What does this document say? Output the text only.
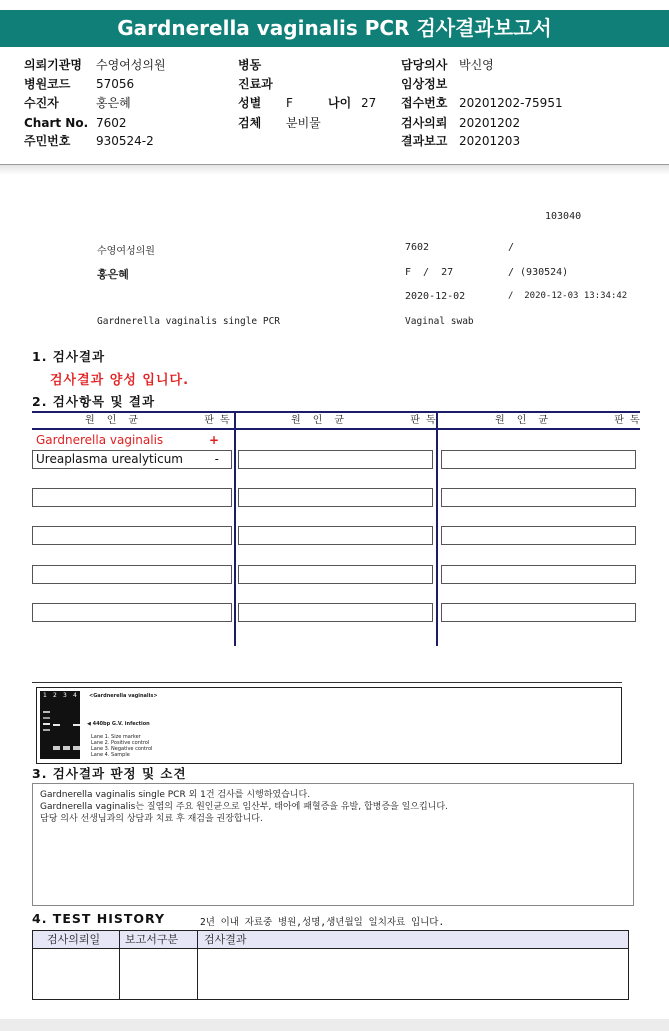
Gardnerella vaginalis PCR 검사결과보고서
의뢰기관명 수영여성의원	병동	담당의사 박신영
병원코드 57056	진료과	임상정보
수진자	홍은혜	성별 F	나이 27 접수번호 20201202-75951
Chart No. 7602	검체 분비물	검사의뢰 20201202
주민번호 930524-2	결과보고 20201203
103040
수영여성의원	7602	/
홍은혜	F  /  27	/ (930524)
2020-12-02	/  2020-12-03 13:34:42
Gardnerella vaginalis single PCR	Vaginal swab
1. 검사결과
검사결과 양성 입니다.
2. 검사항목 및 결과
원  인  균           판 독	원  인  균           판 독	원  인  균           판 독
Gardnerella vaginalis	+
Ureaplasma urealyticum	-
1 2 3 4 <Gardnerella vaginalis>
◀ 440bp G.V. infection
Lane 1. Size marker
Lane 2. Positive control
Lane 3. Negative control
Lane 4. Sample
3. 검사결과 판정 및 소견
Gardnerella vaginalis single PCR 외 1건 검사를 시행하였습니다.
Gardnerella vaginalis는 질염의 주요 원인균으로 임산부, 태아에 패혈증을 유발, 합병증을 일으킵니다.
담당 의사 선생님과의 상담과 치료 후 재검을 권장합니다.
4. TEST HISTORY	2년 이내 자료중 병원,성명,생년월일 일치자료 입니다.
검사의뢰일 보고서구분 검사결과
